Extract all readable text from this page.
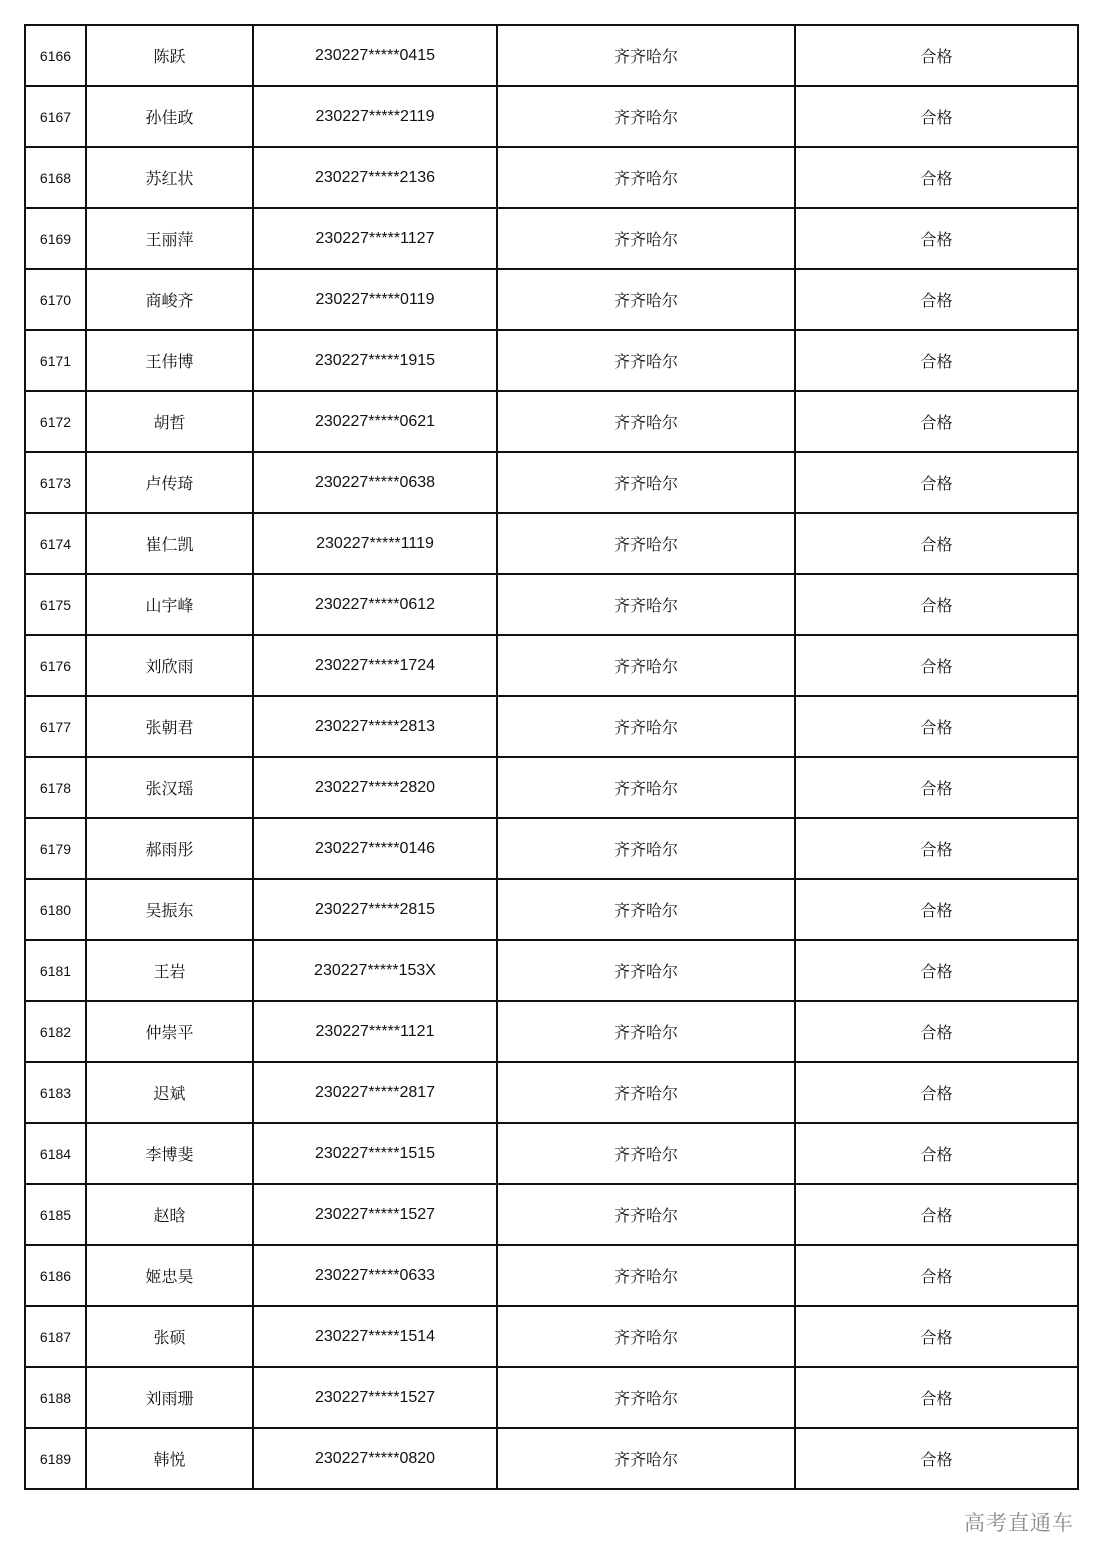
6166	陈跃	230227*****0415	齐齐哈尔	合格
6167	孙佳政	230227*****2119	齐齐哈尔	合格
6168	苏红状	230227*****2136	齐齐哈尔	合格
6169	王丽萍	230227*****1127	齐齐哈尔	合格
6170	商峻齐	230227*****0119	齐齐哈尔	合格
6171	王伟博	230227*****1915	齐齐哈尔	合格
6172	胡哲	230227*****0621	齐齐哈尔	合格
6173	卢传琦	230227*****0638	齐齐哈尔	合格
6174	崔仁凯	230227*****1119	齐齐哈尔	合格
6175	山宇峰	230227*****0612	齐齐哈尔	合格
6176	刘欣雨	230227*****1724	齐齐哈尔	合格
6177	张朝君	230227*****2813	齐齐哈尔	合格
6178	张汉瑶	230227*****2820	齐齐哈尔	合格
6179	郝雨彤	230227*****0146	齐齐哈尔	合格
6180	吴振东	230227*****2815	齐齐哈尔	合格
6181	王岩	230227*****153X	齐齐哈尔	合格
6182	仲崇平	230227*****1121	齐齐哈尔	合格
6183	迟斌	230227*****2817	齐齐哈尔	合格
6184	李博斐	230227*****1515	齐齐哈尔	合格
6185	赵晗	230227*****1527	齐齐哈尔	合格
6186	姬忠昊	230227*****0633	齐齐哈尔	合格
6187	张硕	230227*****1514	齐齐哈尔	合格
6188	刘雨珊	230227*****1527	齐齐哈尔	合格
6189	韩悦	230227*****0820	齐齐哈尔	合格
高考直通车
